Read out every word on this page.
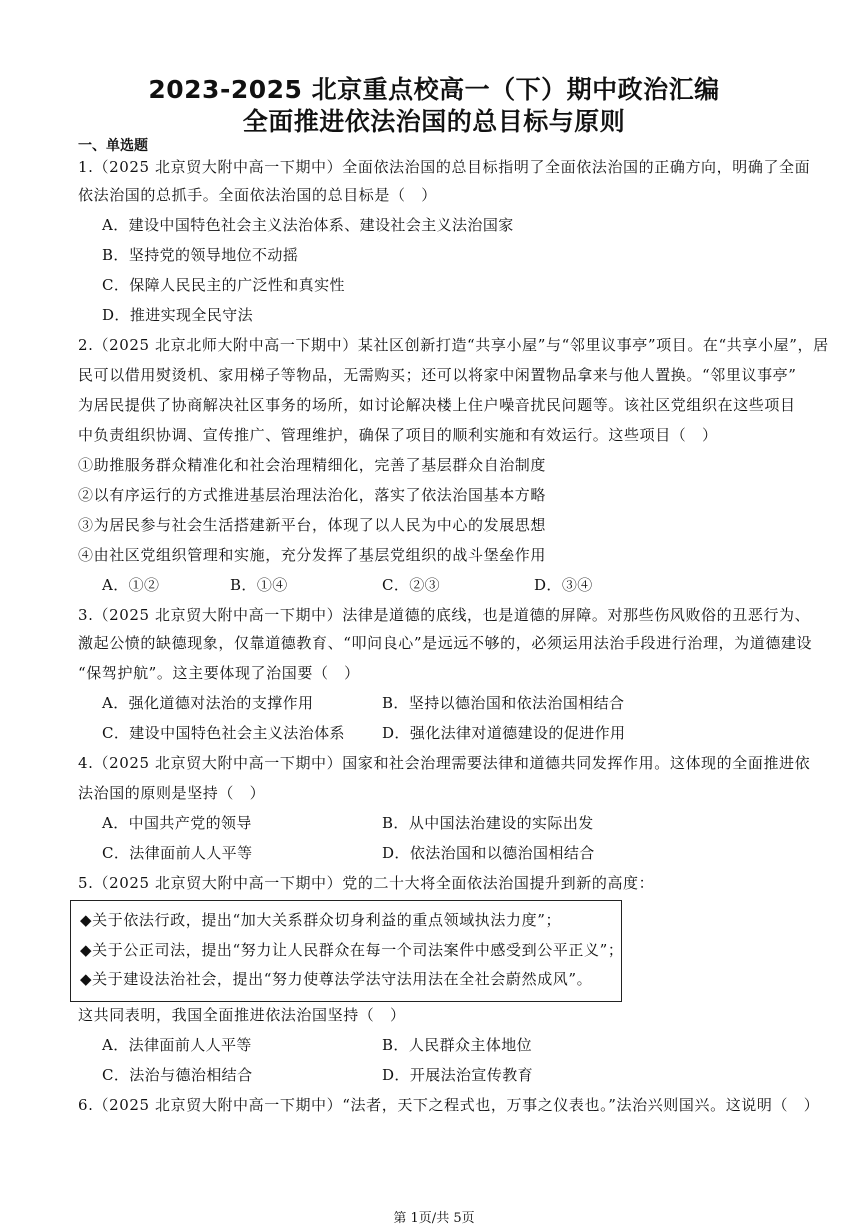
2023-2025 北京重点校高一（下）期中政治汇编
全面推进依法治国的总目标与原则
一、单选题
1.（2025 北京贸大附中高一下期中）全面依法治国的总目标指明了全面依法治国的正确方向，明确了全面
依法治国的总抓手。全面依法治国的总目标是（　）
A．建设中国特色社会主义法治体系、建设社会主义法治国家
B．坚持党的领导地位不动摇
C．保障人民民主的广泛性和真实性
D．推进实现全民守法
2.（2025 北京北师大附中高一下期中）某社区创新打造“共享小屋”与“邻里议事亭”项目。在“共享小屋”，居
民可以借用熨烫机、家用梯子等物品，无需购买；还可以将家中闲置物品拿来与他人置换。“邻里议事亭”
为居民提供了协商解决社区事务的场所，如讨论解决楼上住户噪音扰民问题等。该社区党组织在这些项目
中负责组织协调、宣传推广、管理维护，确保了项目的顺利实施和有效运行。这些项目（　）
①助推服务群众精准化和社会治理精细化，完善了基层群众自治制度
②以有序运行的方式推进基层治理法治化，落实了依法治国基本方略
③为居民参与社会生活搭建新平台，体现了以人民为中心的发展思想
④由社区党组织管理和实施，充分发挥了基层党组织的战斗堡垒作用
A．①②	B．①④	C．②③	D．③④
3.（2025 北京贸大附中高一下期中）法律是道德的底线，也是道德的屏障。对那些伤风败俗的丑恶行为、
激起公愤的缺德现象，仅靠道德教育、“叩问良心”是远远不够的，必须运用法治手段进行治理，为道德建设
“保驾护航”。这主要体现了治国要（　）
A．强化道德对法治的支撑作用	B．坚持以德治国和依法治国相结合
C．建设中国特色社会主义法治体系 D．强化法律对道德建设的促进作用
4.（2025 北京贸大附中高一下期中）国家和社会治理需要法律和道德共同发挥作用。这体现的全面推进依
法治国的原则是坚持（　）
A．中国共产党的领导	B．从中国法治建设的实际出发
C．法律面前人人平等	D．依法治国和以德治国相结合
5.（2025 北京贸大附中高一下期中）党的二十大将全面依法治国提升到新的高度：
◆关于依法行政，提出“加大关系群众切身利益的重点领域执法力度”；
◆关于公正司法，提出“努力让人民群众在每一个司法案件中感受到公平正义”；
◆关于建设法治社会，提出“努力使尊法学法守法用法在全社会蔚然成风”。
这共同表明，我国全面推进依法治国坚持（　）
A．法律面前人人平等	B．人民群众主体地位
C．法治与德治相结合	D．开展法治宣传教育
6.（2025 北京贸大附中高一下期中）“法者，天下之程式也，万事之仪表也。”法治兴则国兴。这说明（　）
第 1页/共 5页
